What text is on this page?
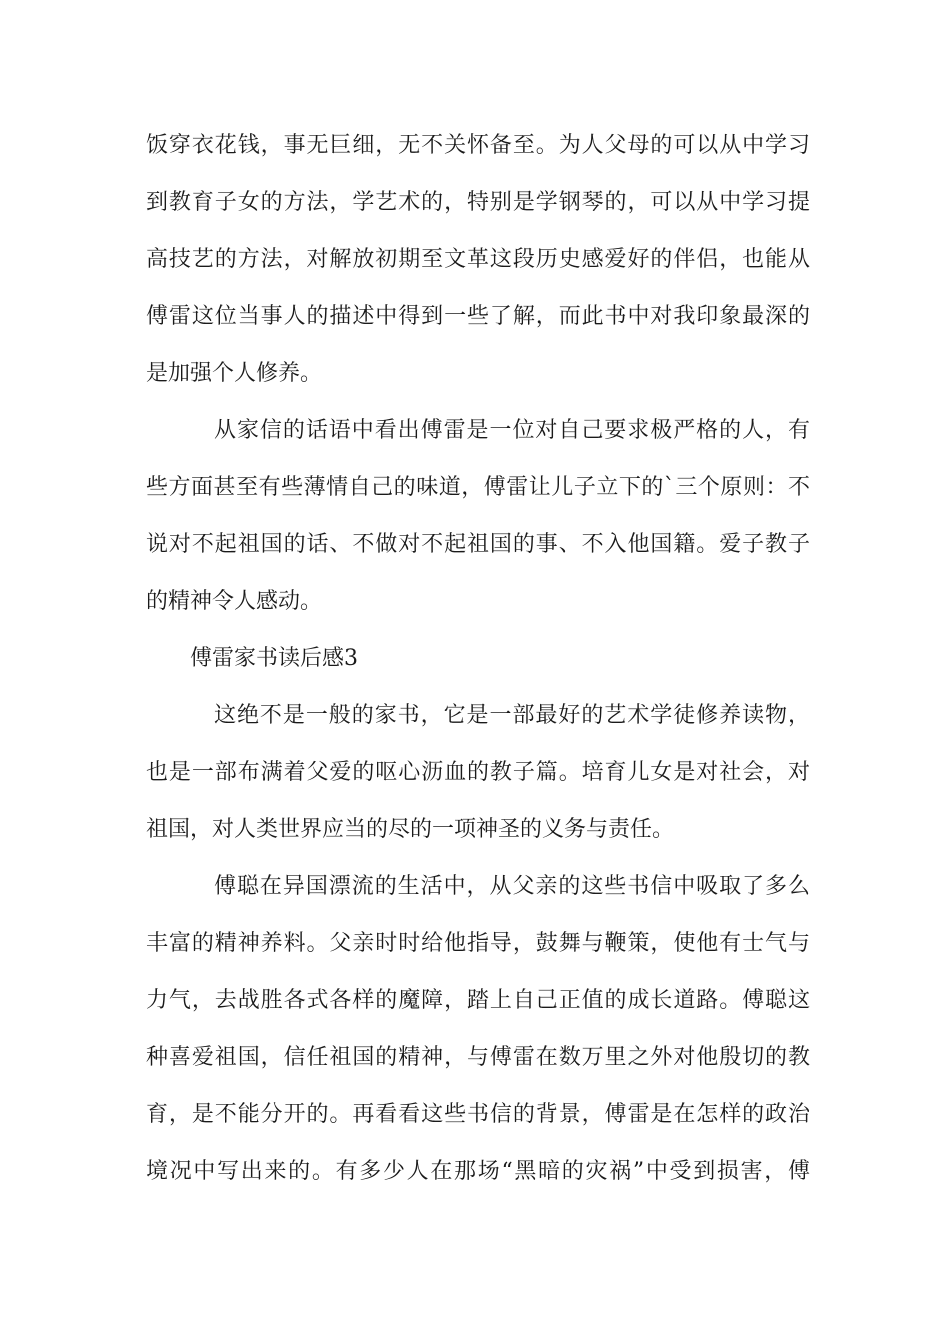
饭穿衣花钱，事无巨细，无不关怀备至。为人父母的可以从中学习
到教育子女的方法，学艺术的，特别是学钢琴的，可以从中学习提
高技艺的方法，对解放初期至文革这段历史感爱好的伴侣，也能从
傅雷这位当事人的描述中得到一些了解，而此书中对我印象最深的
是加强个人修养。
从家信的话语中看出傅雷是一位对自己要求极严格的人，有
些方面甚至有些薄情自己的味道，傅雷让儿子立下的`三个原则：不
说对不起祖国的话、不做对不起祖国的事、不入他国籍。爱子教子
的精神令人感动。
傅雷家书读后感3
这绝不是一般的家书，它是一部最好的艺术学徒修养读物，
也是一部布满着父爱的呕心沥血的教子篇。培育儿女是对社会，对
祖国，对人类世界应当的尽的一项神圣的义务与责任。
傅聪在异国漂流的生活中，从父亲的这些书信中吸取了多么
丰富的精神养料。父亲时时给他指导，鼓舞与鞭策，使他有士气与
力气，去战胜各式各样的魔障，踏上自己正值的成长道路。傅聪这
种喜爱祖国，信任祖国的精神，与傅雷在数万里之外对他殷切的教
育，是不能分开的。再看看这些书信的背景，傅雷是在怎样的政治
境况中写出来的。有多少人在那场“黑暗的灾祸”中受到损害，傅
